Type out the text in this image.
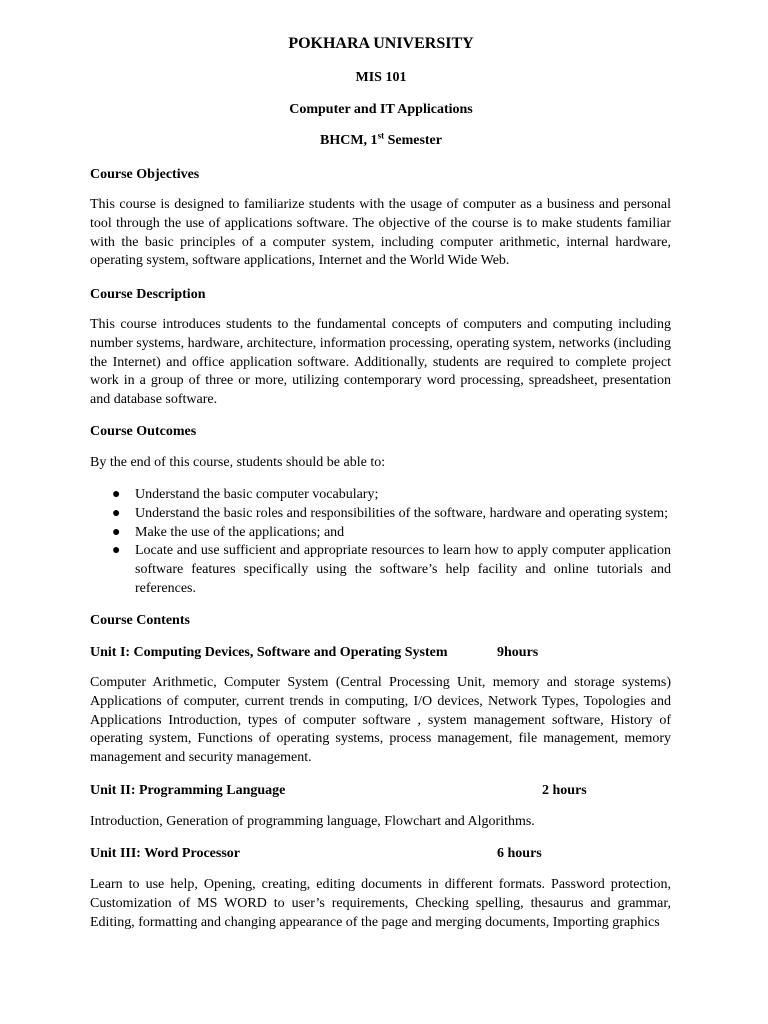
POKHARA UNIVERSITY

MIS 101

Computer and IT Applications

BHCM, 1st Semester

Course Objectives

This course is designed to familiarize students with the usage of computer as a business and personal tool through the use of applications software. The objective of the course is to make students familiar with the basic principles of a computer system, including computer arithmetic, internal hardware, operating system, software applications, Internet and the World Wide Web.

Course Description

This course introduces students to the fundamental concepts of computers and computing including number systems, hardware, architecture, information processing, operating system, networks (including the Internet) and office application software. Additionally, students are required to complete project work in a group of three or more, utilizing contemporary word processing, spreadsheet, presentation and database software.

Course Outcomes

By the end of this course, students should be able to:

● Understand the basic computer vocabulary;
● Understand the basic roles and responsibilities of the software, hardware and operating system;
● Make the use of the applications; and
● Locate and use sufficient and appropriate resources to learn how to apply computer application software features specifically using the software’s help facility and online tutorials and references.

Course Contents

Unit I: Computing Devices, Software and Operating System	9hours

Computer Arithmetic, Computer System (Central Processing Unit, memory and storage systems) Applications of computer, current trends in computing, I/O devices, Network Types, Topologies and Applications Introduction, types of computer software , system management software, History of operating system, Functions of operating systems, process management, file management, memory management and security management.

Unit II: Programming Language	2 hours

Introduction, Generation of programming language, Flowchart and Algorithms.

Unit III: Word Processor	6 hours

Learn to use help, Opening, creating, editing documents in different formats. Password protection, Customization of MS WORD to user’s requirements, Checking spelling, thesaurus and grammar, Editing, formatting and changing appearance of the page and merging documents, Importing graphics
